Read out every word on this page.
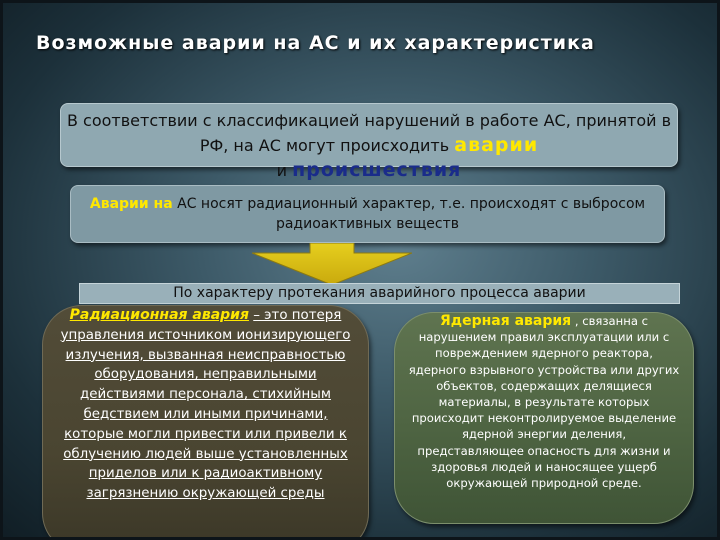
Возможные аварии на АС и их характеристика
В соответствии с классификацией нарушений в работе АС, принятой в РФ, на АС могут происходить аварии
и происшествия
Аварии на АС носят радиационный характер, т.е. происходят с выбросом радиоактивных веществ
По характеру протекания аварийного процесса аварии
Радиационная авария – это потеря управления источником ионизирующего излучения, вызванная неисправностью оборудования, неправильными действиями персонала, стихийным бедствием или иными причинами, которые могли привести или привели к облучению людей выше установленных приделов или к радиоактивному загрязнению окружающей среды
Ядерная авария , связанна с нарушением правил эксплуатации или с повреждением ядерного реактора, ядерного взрывного устройства или других объектов, содержащих делящиеся материалы, в результате которых происходит неконтролируемое выделение ядерной энергии деления, представляющее опасность для жизни и здоровья людей и наносящее ущерб окружающей природной среде.
